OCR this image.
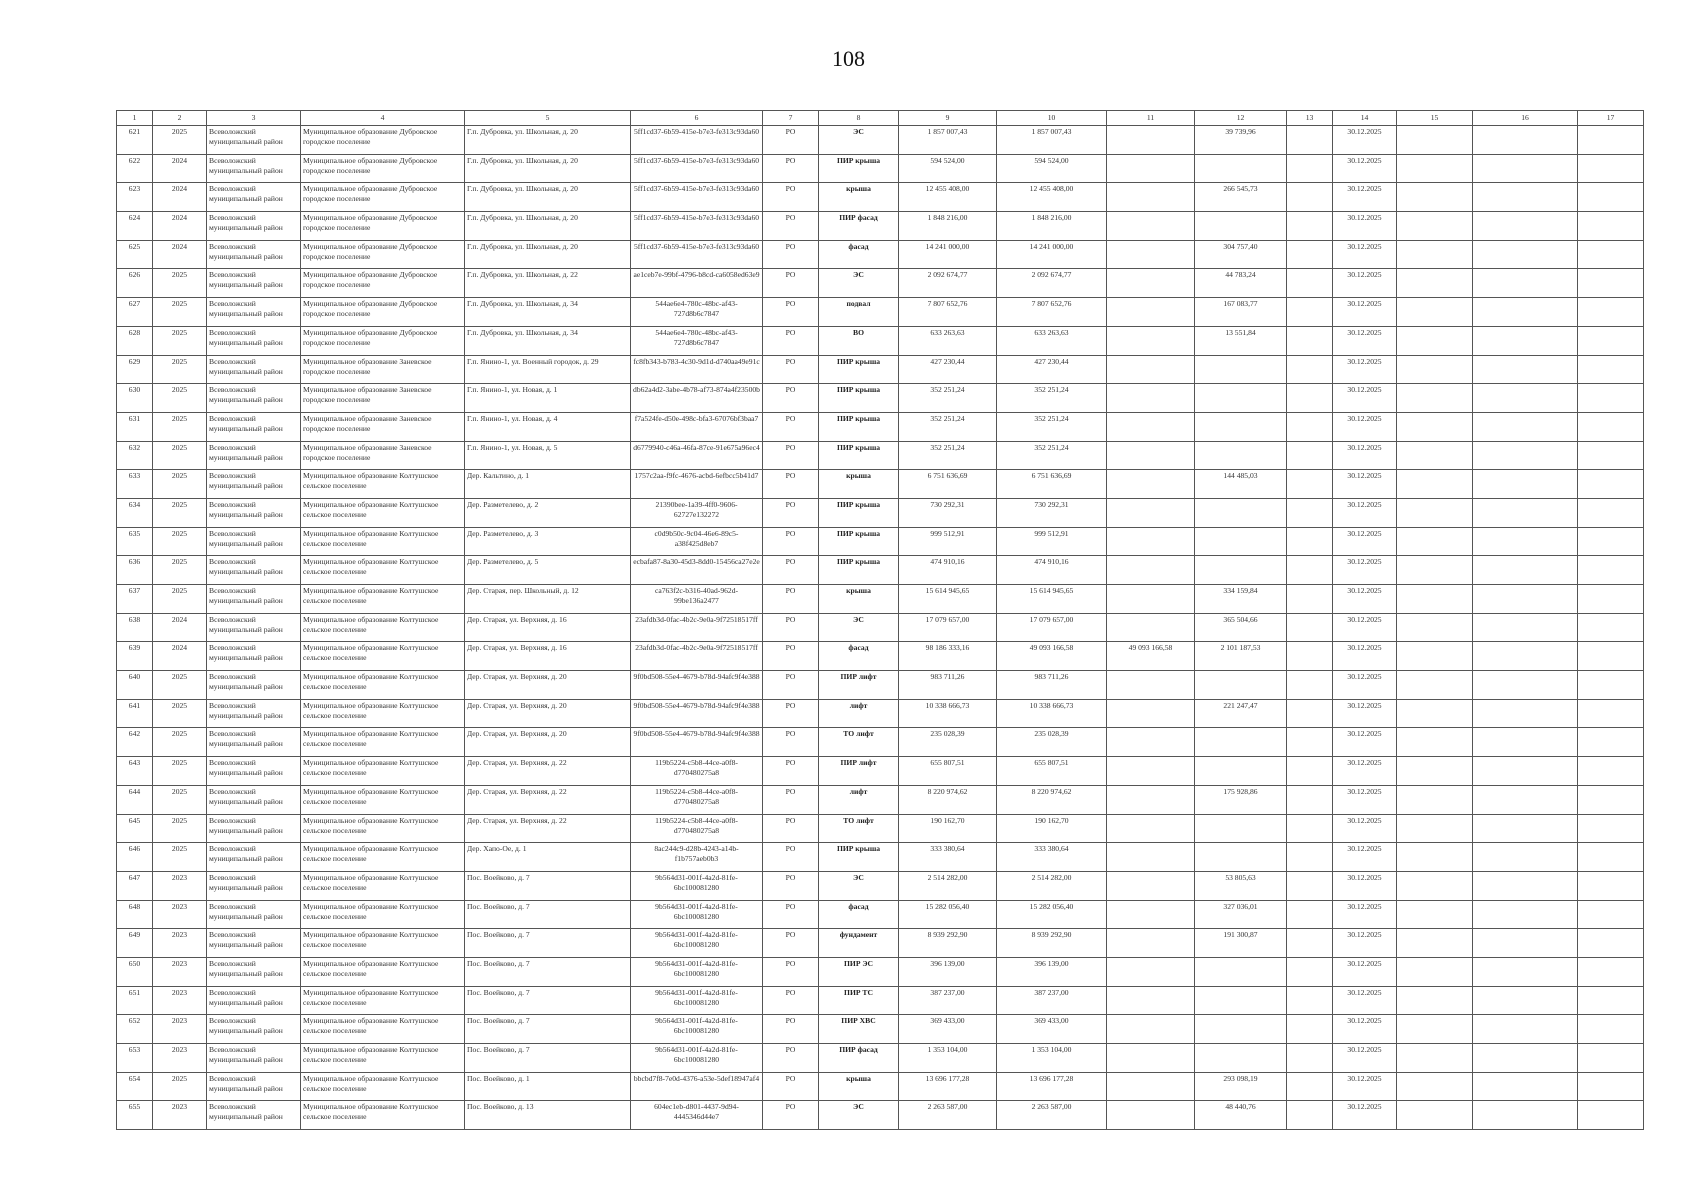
108
1	2	3	4	5	6	7	8	9	10	11	12	13	14	15	16	17
621	2025	Всеволожский муниципальный район	Муниципальное образование Дубровское городское поселение	Г.п. Дубровка, ул. Школьная, д. 20	5ff1cd37-6b59-415e-b7e3-fe313c93da60	РО	ЭС	1 857 007,43	1 857 007,43		39 739,96		30.12.2025			
622	2024	Всеволожский муниципальный район	Муниципальное образование Дубровское городское поселение	Г.п. Дубровка, ул. Школьная, д. 20	5ff1cd37-6b59-415e-b7e3-fe313c93da60	РО	ПИР крыша	594 524,00	594 524,00				30.12.2025			
623	2024	Всеволожский муниципальный район	Муниципальное образование Дубровское городское поселение	Г.п. Дубровка, ул. Школьная, д. 20	5ff1cd37-6b59-415e-b7e3-fe313c93da60	РО	крыша	12 455 408,00	12 455 408,00		266 545,73		30.12.2025			
624	2024	Всеволожский муниципальный район	Муниципальное образование Дубровское городское поселение	Г.п. Дубровка, ул. Школьная, д. 20	5ff1cd37-6b59-415e-b7e3-fe313c93da60	РО	ПИР фасад	1 848 216,00	1 848 216,00				30.12.2025			
625	2024	Всеволожский муниципальный район	Муниципальное образование Дубровское городское поселение	Г.п. Дубровка, ул. Школьная, д. 20	5ff1cd37-6b59-415e-b7e3-fe313c93da60	РО	фасад	14 241 000,00	14 241 000,00		304 757,40		30.12.2025			
626	2025	Всеволожский муниципальный район	Муниципальное образование Дубровское городское поселение	Г.п. Дубровка, ул. Школьная, д. 22	ae1ceb7e-99bf-4796-b8cd-ca6058ed63e9	РО	ЭС	2 092 674,77	2 092 674,77		44 783,24		30.12.2025			
627	2025	Всеволожский муниципальный район	Муниципальное образование Дубровское городское поселение	Г.п. Дубровка, ул. Школьная, д. 34	544ae6e4-780c-48bc-af43-727d8b6c7847	РО	подвал	7 807 652,76	7 807 652,76		167 083,77		30.12.2025			
628	2025	Всеволожский муниципальный район	Муниципальное образование Дубровское городское поселение	Г.п. Дубровка, ул. Школьная, д. 34	544ae6e4-780c-48bc-af43-727d8b6c7847	РО	ВО	633 263,63	633 263,63		13 551,84		30.12.2025			
629	2025	Всеволожский муниципальный район	Муниципальное образование Заневское городское поселение	Г.п. Янино-1, ул. Военный городок, д. 29	fc8fb343-b783-4c30-9d1d-d740aa49e91c	РО	ПИР крыша	427 230,44	427 230,44				30.12.2025			
630	2025	Всеволожский муниципальный район	Муниципальное образование Заневское городское поселение	Г.п. Янино-1, ул. Новая, д. 1	db62a4d2-3abe-4b78-af73-874a4f23500b	РО	ПИР крыша	352 251,24	352 251,24				30.12.2025			
631	2025	Всеволожский муниципальный район	Муниципальное образование Заневское городское поселение	Г.п. Янино-1, ул. Новая, д. 4	f7a524fe-d50e-498c-bfa3-67076bf3baa7	РО	ПИР крыша	352 251,24	352 251,24				30.12.2025			
632	2025	Всеволожский муниципальный район	Муниципальное образование Заневское городское поселение	Г.п. Янино-1, ул. Новая, д. 5	d6779940-c46a-46fa-87ce-91e675a96ec4	РО	ПИР крыша	352 251,24	352 251,24				30.12.2025			
633	2025	Всеволожский муниципальный район	Муниципальное образование Колтушское сельское поселение	Дер. Кальтино, д. 1	1757c2aa-f9fc-4676-acbd-6efbcc5b41d7	РО	крыша	6 751 636,69	6 751 636,69		144 485,03		30.12.2025			
634	2025	Всеволожский муниципальный район	Муниципальное образование Колтушское сельское поселение	Дер. Разметелево, д. 2	21390bee-1a39-4ff0-9606-62727e132272	РО	ПИР крыша	730 292,31	730 292,31				30.12.2025			
635	2025	Всеволожский муниципальный район	Муниципальное образование Колтушское сельское поселение	Дер. Разметелево, д. 3	c0d9b50c-9c04-46e6-89c5-a38f425d8eb7	РО	ПИР крыша	999 512,91	999 512,91				30.12.2025			
636	2025	Всеволожский муниципальный район	Муниципальное образование Колтушское сельское поселение	Дер. Разметелево, д. 5	ecbafa87-8a30-45d3-8dd0-15456ca27e2e	РО	ПИР крыша	474 910,16	474 910,16				30.12.2025			
637	2025	Всеволожский муниципальный район	Муниципальное образование Колтушское сельское поселение	Дер. Старая, пер. Школьный, д. 12	ca763f2c-b316-40ad-962d-99be136a2477	РО	крыша	15 614 945,65	15 614 945,65		334 159,84		30.12.2025			
638	2024	Всеволожский муниципальный район	Муниципальное образование Колтушское сельское поселение	Дер. Старая, ул. Верхняя, д. 16	23afdb3d-0fac-4b2c-9e0a-9f72518517ff	РО	ЭС	17 079 657,00	17 079 657,00		365 504,66		30.12.2025			
639	2024	Всеволожский муниципальный район	Муниципальное образование Колтушское сельское поселение	Дер. Старая, ул. Верхняя, д. 16	23afdb3d-0fac-4b2c-9e0a-9f72518517ff	РО	фасад	98 186 333,16	49 093 166,58	49 093 166,58	2 101 187,53		30.12.2025			
640	2025	Всеволожский муниципальный район	Муниципальное образование Колтушское сельское поселение	Дер. Старая, ул. Верхняя, д. 20	9f0bd508-55e4-4679-b78d-94afc9f4e388	РО	ПИР лифт	983 711,26	983 711,26				30.12.2025			
641	2025	Всеволожский муниципальный район	Муниципальное образование Колтушское сельское поселение	Дер. Старая, ул. Верхняя, д. 20	9f0bd508-55e4-4679-b78d-94afc9f4e388	РО	лифт	10 338 666,73	10 338 666,73		221 247,47		30.12.2025			
642	2025	Всеволожский муниципальный район	Муниципальное образование Колтушское сельское поселение	Дер. Старая, ул. Верхняя, д. 20	9f0bd508-55e4-4679-b78d-94afc9f4e388	РО	ТО лифт	235 028,39	235 028,39				30.12.2025			
643	2025	Всеволожский муниципальный район	Муниципальное образование Колтушское сельское поселение	Дер. Старая, ул. Верхняя, д. 22	119b5224-c5b8-44ce-a0f8-d770480275a8	РО	ПИР лифт	655 807,51	655 807,51				30.12.2025			
644	2025	Всеволожский муниципальный район	Муниципальное образование Колтушское сельское поселение	Дер. Старая, ул. Верхняя, д. 22	119b5224-c5b8-44ce-a0f8-d770480275a8	РО	лифт	8 220 974,62	8 220 974,62		175 928,86		30.12.2025			
645	2025	Всеволожский муниципальный район	Муниципальное образование Колтушское сельское поселение	Дер. Старая, ул. Верхняя, д. 22	119b5224-c5b8-44ce-a0f8-d770480275a8	РО	ТО лифт	190 162,70	190 162,70				30.12.2025			
646	2025	Всеволожский муниципальный район	Муниципальное образование Колтушское сельское поселение	Дер. Хапо-Ое, д. 1	8ac244c9-d28b-4243-a14b-f1b757aeb0b3	РО	ПИР крыша	333 380,64	333 380,64				30.12.2025			
647	2023	Всеволожский муниципальный район	Муниципальное образование Колтушское сельское поселение	Пос. Воейково, д. 7	9b564d31-001f-4a2d-81fe-6bc100081280	РО	ЭС	2 514 282,00	2 514 282,00		53 805,63		30.12.2025			
648	2023	Всеволожский муниципальный район	Муниципальное образование Колтушское сельское поселение	Пос. Воейково, д. 7	9b564d31-001f-4a2d-81fe-6bc100081280	РО	фасад	15 282 056,40	15 282 056,40		327 036,01		30.12.2025			
649	2023	Всеволожский муниципальный район	Муниципальное образование Колтушское сельское поселение	Пос. Воейково, д. 7	9b564d31-001f-4a2d-81fe-6bc100081280	РО	фундамент	8 939 292,90	8 939 292,90		191 300,87		30.12.2025			
650	2023	Всеволожский муниципальный район	Муниципальное образование Колтушское сельское поселение	Пос. Воейково, д. 7	9b564d31-001f-4a2d-81fe-6bc100081280	РО	ПИР ЭС	396 139,00	396 139,00				30.12.2025			
651	2023	Всеволожский муниципальный район	Муниципальное образование Колтушское сельское поселение	Пос. Воейково, д. 7	9b564d31-001f-4a2d-81fe-6bc100081280	РО	ПИР ТС	387 237,00	387 237,00				30.12.2025			
652	2023	Всеволожский муниципальный район	Муниципальное образование Колтушское сельское поселение	Пос. Воейково, д. 7	9b564d31-001f-4a2d-81fe-6bc100081280	РО	ПИР ХВС	369 433,00	369 433,00				30.12.2025			
653	2023	Всеволожский муниципальный район	Муниципальное образование Колтушское сельское поселение	Пос. Воейково, д. 7	9b564d31-001f-4a2d-81fe-6bc100081280	РО	ПИР фасад	1 353 104,00	1 353 104,00				30.12.2025			
654	2025	Всеволожский муниципальный район	Муниципальное образование Колтушское сельское поселение	Пос. Воейково, д. 1	bbcbd7f8-7e0d-4376-a53e-5def18947af4	РО	крыша	13 696 177,28	13 696 177,28		293 098,19		30.12.2025			
655	2023	Всеволожский муниципальный район	Муниципальное образование Колтушское сельское поселение	Пос. Воейково, д. 13	604ec1eb-d801-4437-9d94-4445346d44e7	РО	ЭС	2 263 587,00	2 263 587,00		48 440,76		30.12.2025			
